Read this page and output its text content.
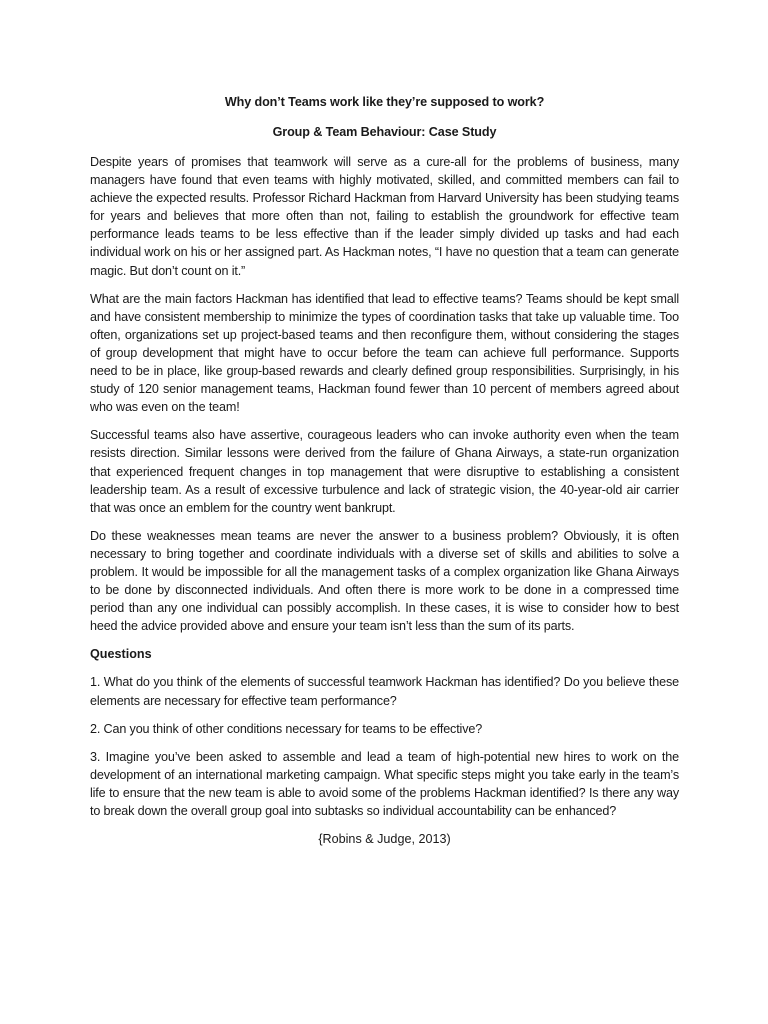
Why don’t Teams work like they’re supposed to work?
Group & Team Behaviour: Case Study

Despite years of promises that teamwork will serve as a cure-all for the problems of business, many managers have found that even teams with highly motivated, skilled, and committed members can fail to achieve the expected results. Professor Richard Hackman from Harvard University has been studying teams for years and believes that more often than not, failing to establish the groundwork for effective team performance leads teams to be less effective than if the leader simply divided up tasks and had each individual work on his or her assigned part. As Hackman notes, “I have no question that a team can generate magic. But don’t count on it.”

What are the main factors Hackman has identified that lead to effective teams? Teams should be kept small and have consistent membership to minimize the types of coordination tasks that take up valuable time. Too often, organizations set up project-based teams and then reconfigure them, without considering the stages of group development that might have to occur before the team can achieve full performance. Supports need to be in place, like group-based rewards and clearly defined group responsibilities. Surprisingly, in his study of 120 senior management teams, Hackman found fewer than 10 percent of members agreed about who was even on the team!

Successful teams also have assertive, courageous leaders who can invoke authority even when the team resists direction. Similar lessons were derived from the failure of Ghana Airways, a state-run organization that experienced frequent changes in top management that were disruptive to establishing a consistent leadership team. As a result of excessive turbulence and lack of strategic vision, the 40-year-old air carrier that was once an emblem for the country went bankrupt.

Do these weaknesses mean teams are never the answer to a business problem? Obviously, it is often necessary to bring together and coordinate individuals with a diverse set of skills and abilities to solve a problem. It would be impossible for all the management tasks of a complex organization like Ghana Airways to be done by disconnected individuals. And often there is more work to be done in a compressed time period than any one individual can possibly accomplish. In these cases, it is wise to consider how to best heed the advice provided above and ensure your team isn’t less than the sum of its parts.

Questions

1. What do you think of the elements of successful teamwork Hackman has identified? Do you believe these elements are necessary for effective team performance?

2. Can you think of other conditions necessary for teams to be effective?

3. Imagine you’ve been asked to assemble and lead a team of high-potential new hires to work on the development of an international marketing campaign. What specific steps might you take early in the team’s life to ensure that the new team is able to avoid some of the problems Hackman identified? Is there any way to break down the overall group goal into subtasks so individual accountability can be enhanced?

{Robins & Judge, 2013)
